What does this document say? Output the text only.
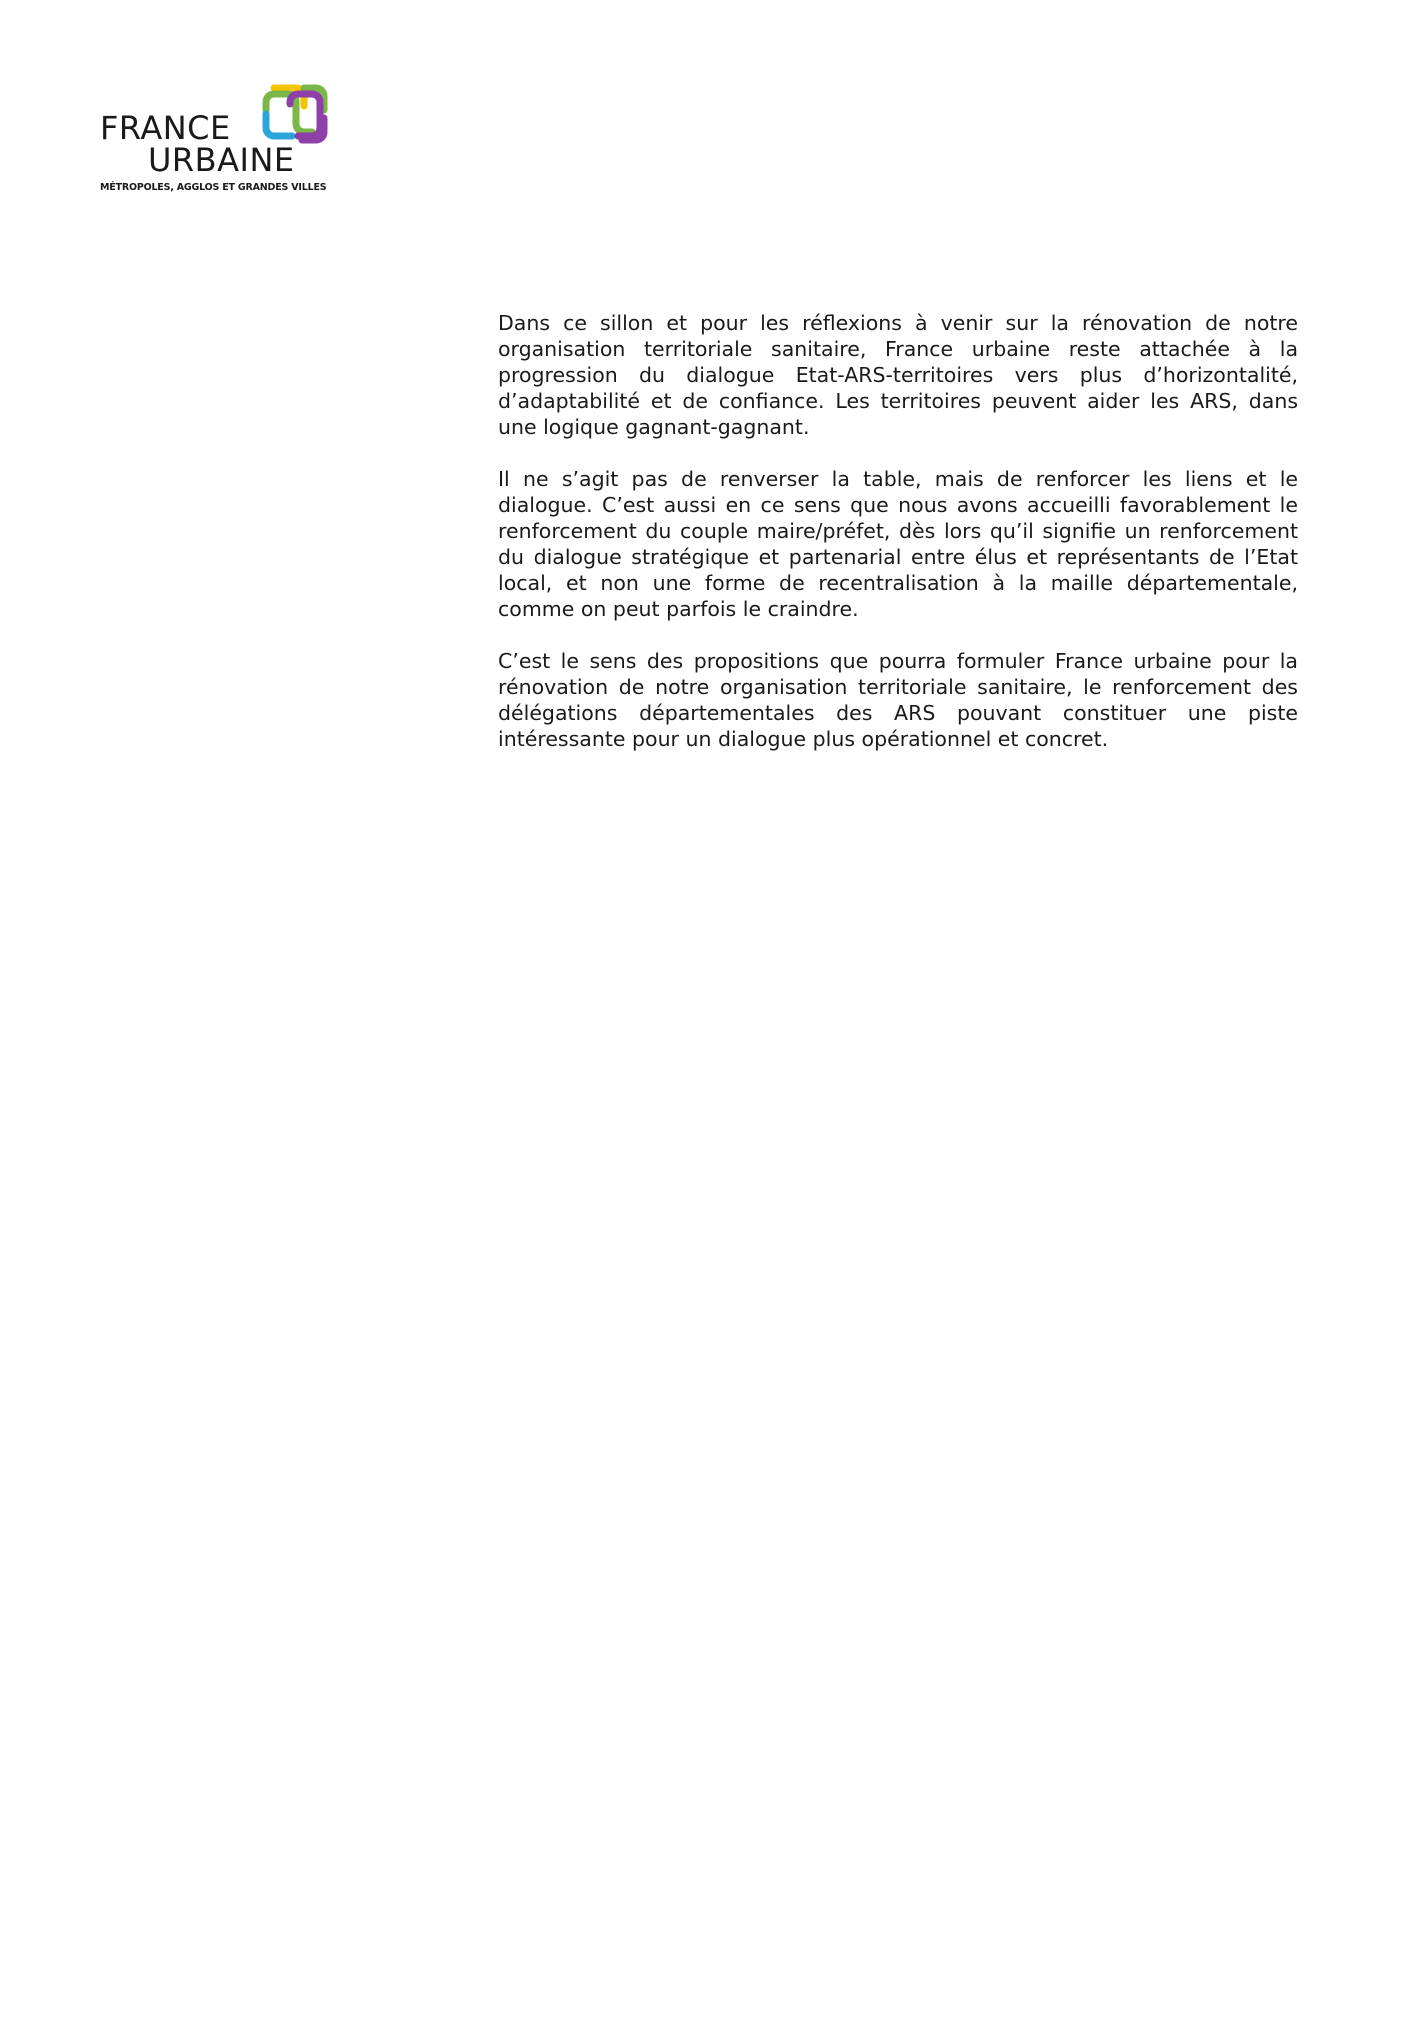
FRANCE
URBAINE
MÉTROPOLES, AGGLOS ET GRANDES VILLES

Dans ce sillon et pour les réflexions à venir sur la rénovation de notre organisation territoriale sanitaire, France urbaine reste attachée à la progression du dialogue Etat-ARS-territoires vers plus d’horizontalité, d’adaptabilité et de confiance. Les territoires peuvent aider les ARS, dans une logique gagnant-gagnant.

Il ne s’agit pas de renverser la table, mais de renforcer les liens et le dialogue. C’est aussi en ce sens que nous avons accueilli favorablement le renforcement du couple maire/préfet, dès lors qu’il signifie un renforcement du dialogue stratégique et partenarial entre élus et représentants de l’Etat local, et non une forme de recentralisation à la maille départementale, comme on peut parfois le craindre.

C’est le sens des propositions que pourra formuler France urbaine pour la rénovation de notre organisation territoriale sanitaire, le renforcement des délégations départementales des ARS pouvant constituer une piste intéressante pour un dialogue plus opérationnel et concret.
